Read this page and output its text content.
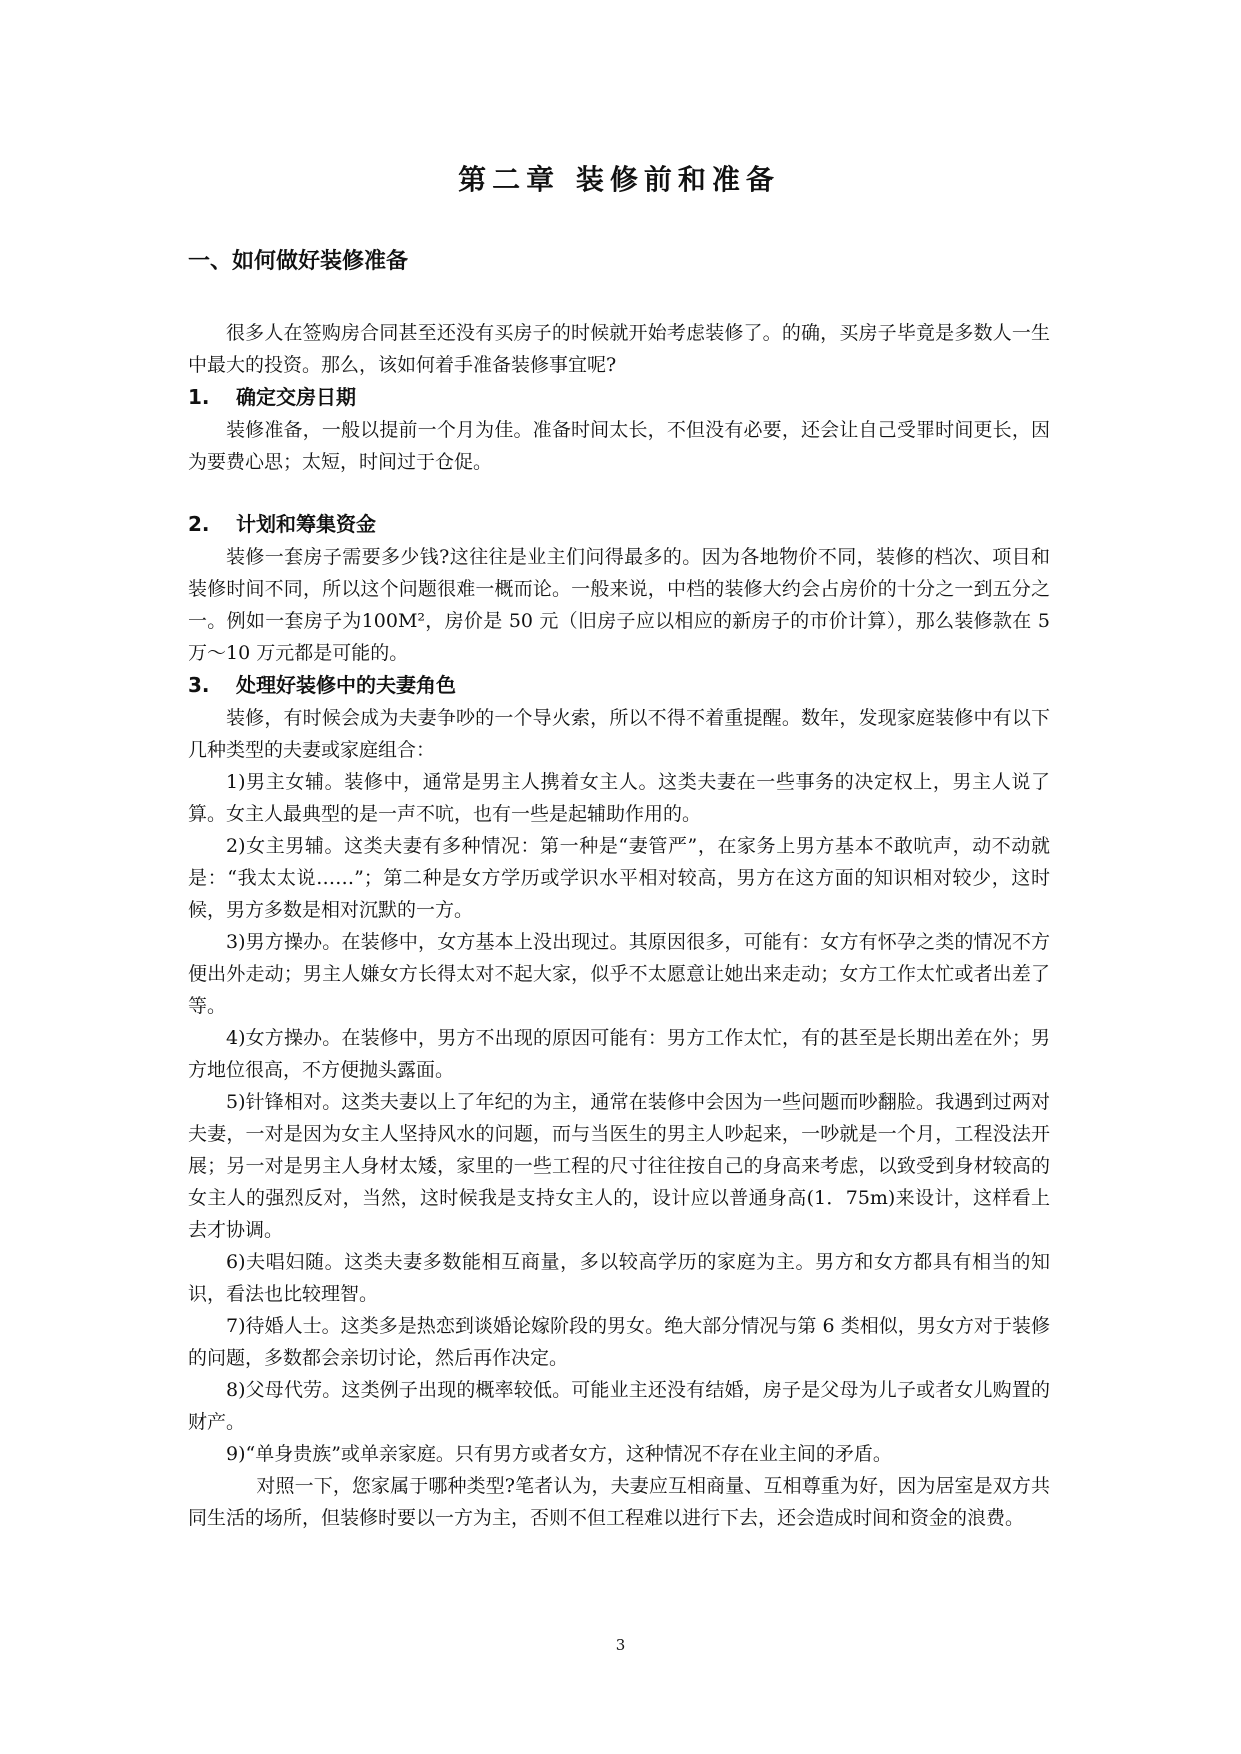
第二章 装修前和准备
一、如何做好装修准备

很多人在签购房合同甚至还没有买房子的时候就开始考虑装修了。的确，买房子毕竟是多数人一生中最大的投资。那么，该如何着手准备装修事宜呢?

1. 确定交房日期

装修准备，一般以提前一个月为佳。准备时间太长，不但没有必要，还会让自己受罪时间更长，因为要费心思；太短，时间过于仓促。

2. 计划和筹集资金

装修一套房子需要多少钱?这往往是业主们问得最多的。因为各地物价不同，装修的档次、项目和装修时间不同，所以这个问题很难一概而论。一般来说，中档的装修大约会占房价的十分之一到五分之一。例如一套房子为100M²，房价是 50 元（旧房子应以相应的新房子的市价计算），那么装修款在 5 万～10 万元都是可能的。

3. 处理好装修中的夫妻角色

装修，有时候会成为夫妻争吵的一个导火索，所以不得不着重提醒。数年，发现家庭装修中有以下几种类型的夫妻或家庭组合：

1)男主女辅。装修中，通常是男主人携着女主人。这类夫妻在一些事务的决定权上，男主人说了算。女主人最典型的是一声不吭，也有一些是起辅助作用的。

2)女主男辅。这类夫妻有多种情况：第一种是“妻管严”，在家务上男方基本不敢吭声，动不动就是：“我太太说……”；第二种是女方学历或学识水平相对较高，男方在这方面的知识相对较少，这时候，男方多数是相对沉默的一方。

3)男方操办。在装修中，女方基本上没出现过。其原因很多，可能有：女方有怀孕之类的情况不方便出外走动；男主人嫌女方长得太对不起大家，似乎不太愿意让她出来走动；女方工作太忙或者出差了等。

4)女方操办。在装修中，男方不出现的原因可能有：男方工作太忙，有的甚至是长期出差在外；男方地位很高，不方便抛头露面。

5)针锋相对。这类夫妻以上了年纪的为主，通常在装修中会因为一些问题而吵翻脸。我遇到过两对夫妻，一对是因为女主人坚持风水的问题，而与当医生的男主人吵起来，一吵就是一个月，工程没法开展；另一对是男主人身材太矮，家里的一些工程的尺寸往往按自己的身高来考虑，以致受到身材较高的女主人的强烈反对，当然，这时候我是支持女主人的，设计应以普通身高(1．75m)来设计，这样看上去才协调。

6)夫唱妇随。这类夫妻多数能相互商量，多以较高学历的家庭为主。男方和女方都具有相当的知识，看法也比较理智。

7)待婚人士。这类多是热恋到谈婚论嫁阶段的男女。绝大部分情况与第 6 类相似，男女方对于装修的问题，多数都会亲切讨论，然后再作决定。

8)父母代劳。这类例子出现的概率较低。可能业主还没有结婚，房子是父母为儿子或者女儿购置的财产。

9)“单身贵族”或单亲家庭。只有男方或者女方，这种情况不存在业主间的矛盾。

对照一下，您家属于哪种类型?笔者认为，夫妻应互相商量、互相尊重为好，因为居室是双方共同生活的场所，但装修时要以一方为主，否则不但工程难以进行下去，还会造成时间和资金的浪费。

3
